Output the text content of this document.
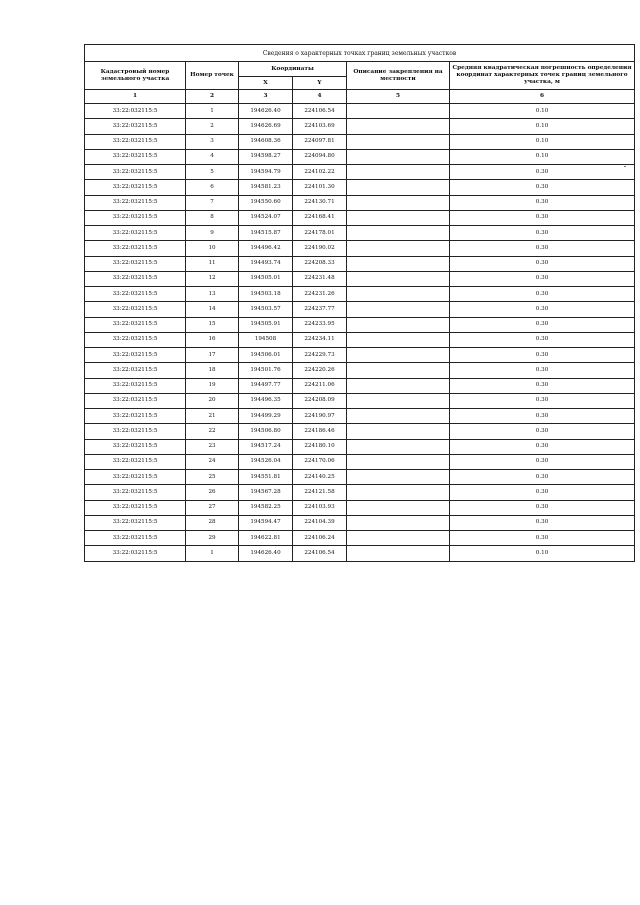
Сведения о характерных точках границ земельных участков					
Кадастровый номер земельного участка	Номер точек	Координаты		Описание закрепления на местности	Средняя квадратическая погрешность определения координат характерных точек границ земельного участка, м
		X	Y		
1	2	3	4	5	6
33:22:032115:5	1	194626.40	224106.54		0.10
33:22:032115:5	2	194626.69	224103.69		0.10
33:22:032115:5	3	194608.36	224097.81		0.10
33:22:032115:5	4	194598.27	224094.80		0.10
33:22:032115:5	5	194594.79	224102.22		0.30
33:22:032115:5	6	194581.23	224101.30		0.30
33:22:032115:5	7	194550.60	224130.71		0.30
33:22:032115:5	8	194524.07	224168.41		0.30
33:22:032115:5	9	194515.87	224178.01		0.30
33:22:032115:5	10	194496.42	224190.02		0.30
33:22:032115:5	11	194493.74	224208.33		0.30
33:22:032115:5	12	194505.01	224231.48		0.30
33:22:032115:5	13	194503.18	224231.26		0.30
33:22:032115:5	14	194503.57	224237.77		0.30
33:22:032115:5	15	194505.91	224233.95		0.30
33:22:032115:5	16	194508	224234.11		0.30
33:22:032115:5	17	194506.01	224229.73		0.30
33:22:032115:5	18	194501.76	224220.26		0.30
33:22:032115:5	19	194497.77	224211.06		0.30
33:22:032115:5	20	194496.35	224208.09		0.30
33:22:032115:5	21	194499.29	224190.97		0.30
33:22:032115:5	22	194506.80	224186.46		0.30
33:22:032115:5	23	194517.24	224180.10		0.30
33:22:032115:5	24	194526.04	224170.06		0.30
33:22:032115:5	25	194551.81	224140.25		0.30
33:22:032115:5	26	194567.28	224121.58		0.30
33:22:032115:5	27	194582.25	224103.93		0.30
33:22:032115:5	28	194594.47	224104.39		0.30
33:22:032115:5	29	194622.81	224106.24		0.30
33:22:032115:5	1	194626.40	224106.54		0.10
